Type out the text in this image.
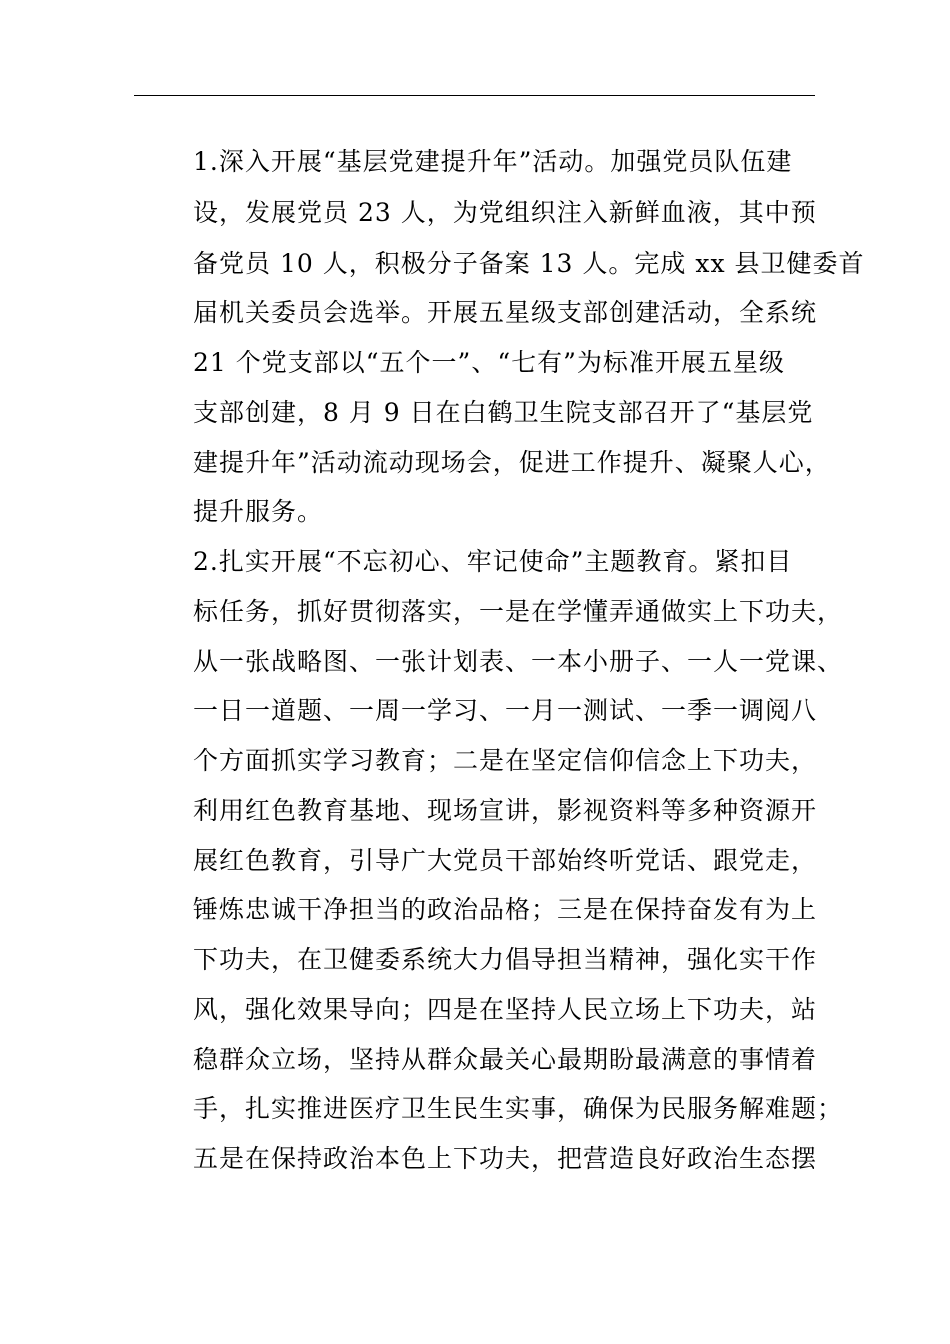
1.深入开展“基层党建提升年”活动。加强党员队伍建
设，发展党员 23 人，为党组织注入新鲜血液，其中预
备党员 10 人，积极分子备案 13 人。完成 xx 县卫健委首
届机关委员会选举。开展五星级支部创建活动，全系统
21 个党支部以“五个一”、“七有”为标准开展五星级
支部创建，8 月 9 日在白鹤卫生院支部召开了“基层党
建提升年”活动流动现场会，促进工作提升、凝聚人心，
提升服务。
2.扎实开展“不忘初心、牢记使命”主题教育。紧扣目
标任务，抓好贯彻落实，一是在学懂弄通做实上下功夫，
从一张战略图、一张计划表、一本小册子、一人一党课、
一日一道题、一周一学习、一月一测试、一季一调阅八
个方面抓实学习教育；二是在坚定信仰信念上下功夫，
利用红色教育基地、现场宣讲，影视资料等多种资源开
展红色教育，引导广大党员干部始终听党话、跟党走，
锤炼忠诚干净担当的政治品格；三是在保持奋发有为上
下功夫，在卫健委系统大力倡导担当精神，强化实干作
风，强化效果导向；四是在坚持人民立场上下功夫，站
稳群众立场，坚持从群众最关心最期盼最满意的事情着
手，扎实推进医疗卫生民生实事，确保为民服务解难题；
五是在保持政治本色上下功夫，把营造良好政治生态摆
